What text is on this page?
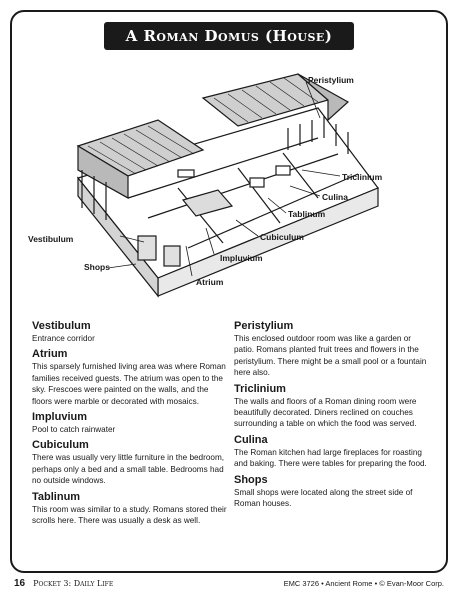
A Roman Domus (House)
Peristylium
Triclinium
Culina
Tablinum
Cubiculum
Vestibulum
Impluvium
Shops
Atrium
Vestibulum
Entrance corridor
Atrium
This sparsely furnished living area was where Roman families received guests. The atrium was open to the sky. Frescoes were painted on the walls, and the floors were marble or decorated with mosaics.
Impluvium
Pool to catch rainwater
Cubiculum
There was usually very little furniture in the bedroom, perhaps only a bed and a small table. Bedrooms had no outside windows.
Tablinum
This room was similar to a study. Romans stored their scrolls here. There was usually a desk as well.
Peristylium
This enclosed outdoor room was like a garden or patio. Romans planted fruit trees and flowers in the peristylium. There might be a small pool or a fountain here also.
Triclinium
The walls and floors of a Roman dining room were beautifully decorated. Diners reclined on couches surrounding a table on which the food was served.
Culina
The Roman kitchen had large fireplaces for roasting and baking. There were tables for preparing the food.
Shops
Small shops were located along the street side of Roman houses.
16 Pocket 3: Daily Life	EMC 3726 • Ancient Rome • © Evan-Moor Corp.
